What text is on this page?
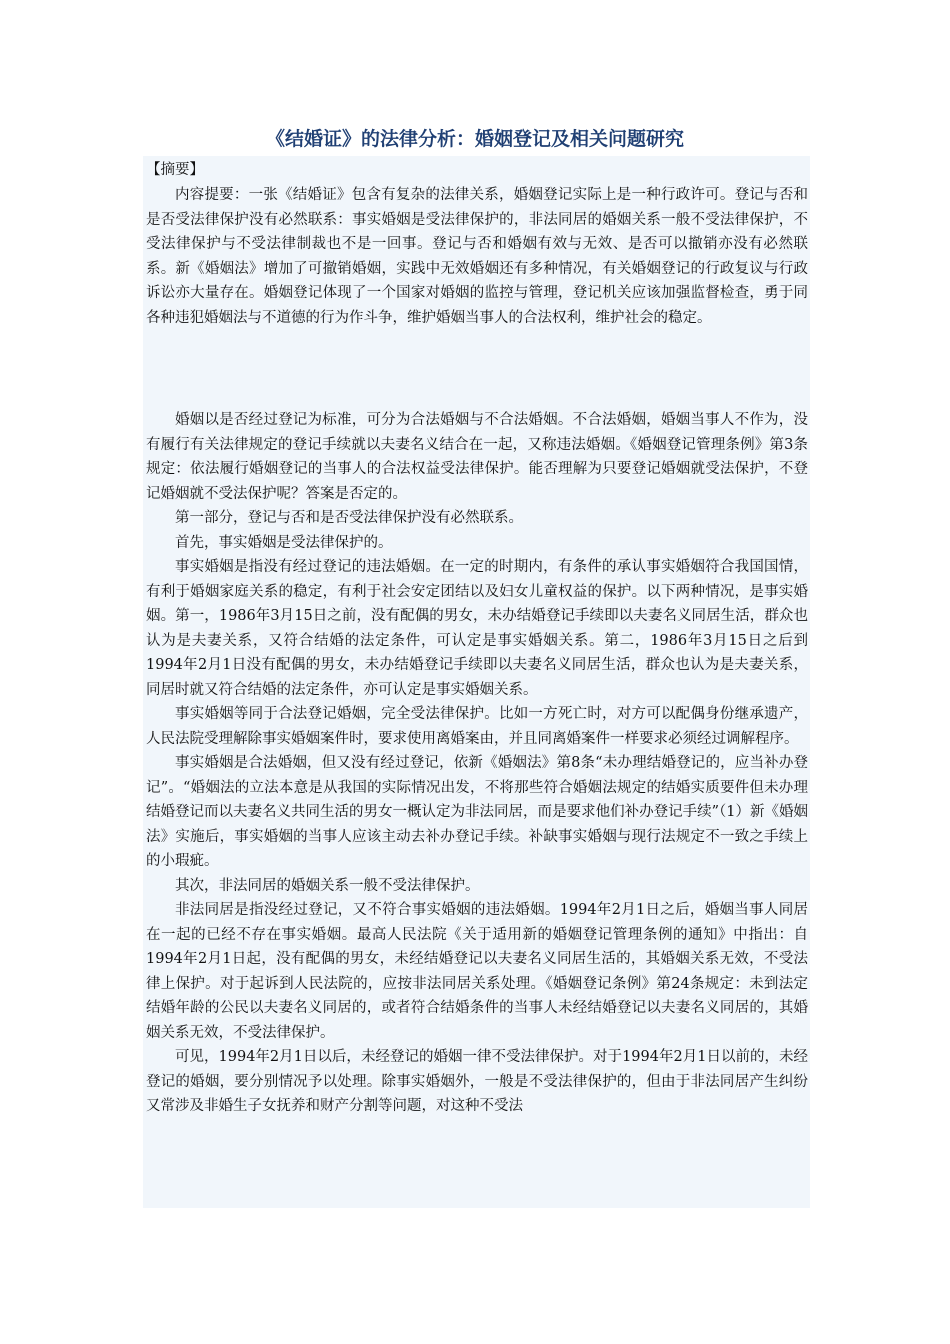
《结婚证》的法律分析：婚姻登记及相关问题研究
【摘要】

内容提要：一张《结婚证》包含有复杂的法律关系，婚姻登记实际上是一种行政许可。登记与否和是否受法律保护没有必然联系：事实婚姻是受法律保护的，非法同居的婚姻关系一般不受法律保护，不受法律保护与不受法律制裁也不是一回事。登记与否和婚姻有效与无效、是否可以撤销亦没有必然联系。新《婚姻法》增加了可撤销婚姻，实践中无效婚姻还有多种情况，有关婚姻登记的行政复议与行政诉讼亦大量存在。婚姻登记体现了一个国家对婚姻的监控与管理，登记机关应该加强监督检查，勇于同各种违犯婚姻法与不道德的行为作斗争，维护婚姻当事人的合法权利，维护社会的稳定。

婚姻以是否经过登记为标准，可分为合法婚姻与不合法婚姻。不合法婚姻，婚姻当事人不作为，没有履行有关法律规定的登记手续就以夫妻名义结合在一起，又称违法婚姻。《婚姻登记管理条例》第3条规定：依法履行婚姻登记的当事人的合法权益受法律保护。能否理解为只要登记婚姻就受法保护，不登记婚姻就不受法保护呢？答案是否定的。

第一部分，登记与否和是否受法律保护没有必然联系。

首先，事实婚姻是受法律保护的。

事实婚姻是指没有经过登记的违法婚姻。在一定的时期内，有条件的承认事实婚姻符合我国国情，有利于婚姻家庭关系的稳定，有利于社会安定团结以及妇女儿童权益的保护。以下两种情况，是事实婚姻。第一，1986年3月15日之前，没有配偶的男女，未办结婚登记手续即以夫妻名义同居生活，群众也认为是夫妻关系，又符合结婚的法定条件，可认定是事实婚姻关系。第二，1986年3月15日之后到1994年2月1日没有配偶的男女，未办结婚登记手续即以夫妻名义同居生活，群众也认为是夫妻关系，同居时就又符合结婚的法定条件，亦可认定是事实婚姻关系。

事实婚姻等同于合法登记婚姻，完全受法律保护。比如一方死亡时，对方可以配偶身份继承遗产，人民法院受理解除事实婚姻案件时，要求使用离婚案由，并且同离婚案件一样要求必须经过调解程序。

事实婚姻是合法婚姻，但又没有经过登记，依新《婚姻法》第8条“未办理结婚登记的，应当补办登记”。“婚姻法的立法本意是从我国的实际情况出发，不将那些符合婚姻法规定的结婚实质要件但未办理结婚登记而以夫妻名义共同生活的男女一概认定为非法同居，而是要求他们补办登记手续”（1）新《婚姻法》实施后，事实婚姻的当事人应该主动去补办登记手续。补缺事实婚姻与现行法规定不一致之手续上的小瑕疵。

其次，非法同居的婚姻关系一般不受法律保护。

非法同居是指没经过登记，又不符合事实婚姻的违法婚姻。1994年2月1日之后，婚姻当事人同居在一起的已经不存在事实婚姻。最高人民法院《关于适用新的婚姻登记管理条例的通知》中指出：自1994年2月1日起，没有配偶的男女，未经结婚登记以夫妻名义同居生活的，其婚姻关系无效，不受法律上保护。对于起诉到人民法院的，应按非法同居关系处理。《婚姻登记条例》第24条规定：未到法定结婚年龄的公民以夫妻名义同居的，或者符合结婚条件的当事人未经结婚登记以夫妻名义同居的，其婚姻关系无效，不受法律保护。

可见，1994年2月1日以后，未经登记的婚姻一律不受法律保护。对于1994年2月1日以前的，未经登记的婚姻，要分别情况予以处理。除事实婚姻外，一般是不受法律保护的，但由于非法同居产生纠纷又常涉及非婚生子女抚养和财产分割等问题，对这种不受法
